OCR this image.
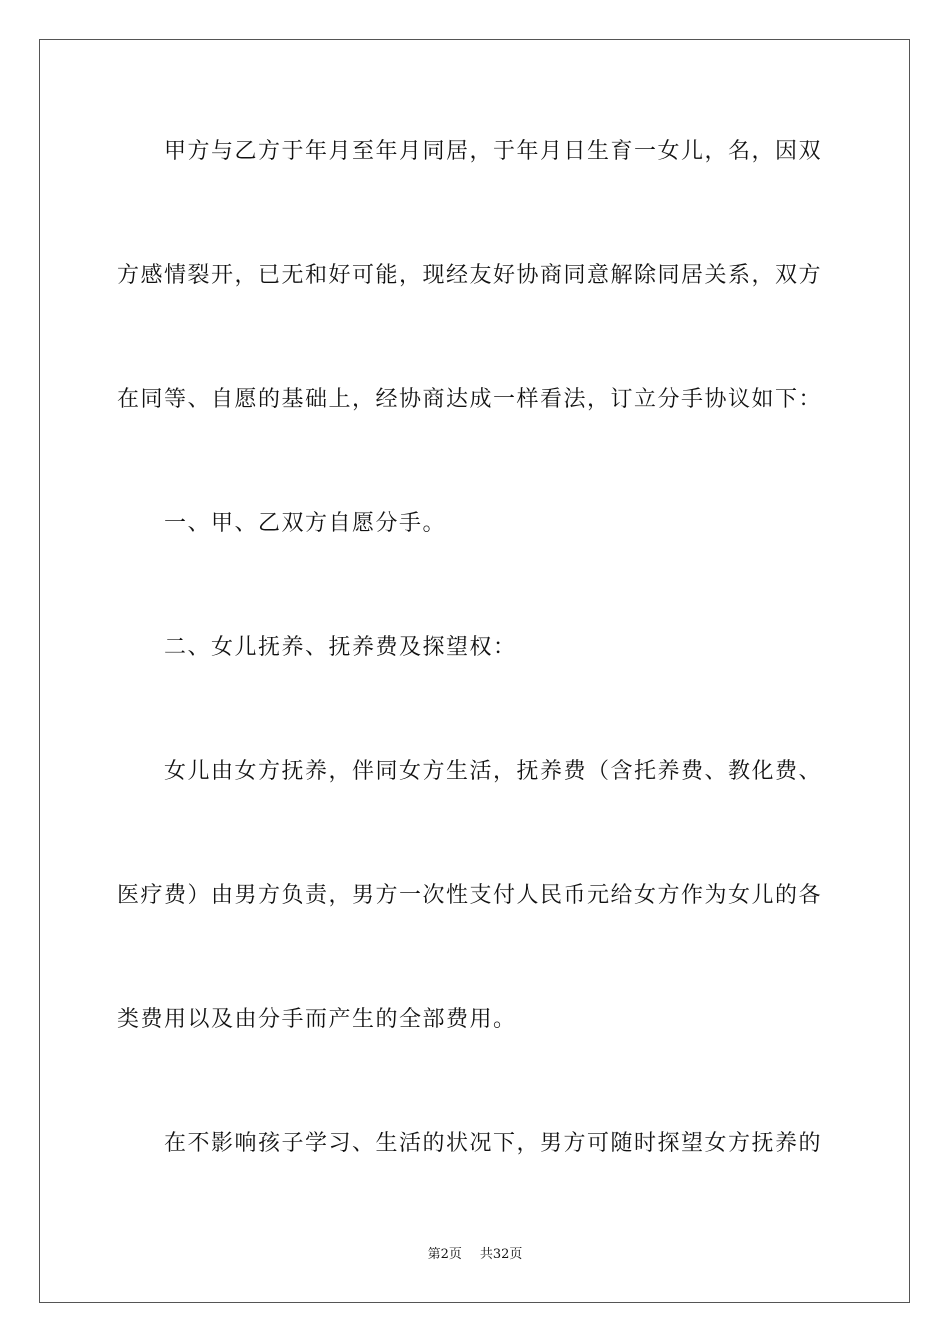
甲方与乙方于年月至年月同居，于年月日生育一女儿，名，因双
方感情裂开，已无和好可能，现经友好协商同意解除同居关系，双方
在同等、自愿的基础上，经协商达成一样看法，订立分手协议如下：
一、甲、乙双方自愿分手。
二、女儿抚养、抚养费及探望权：
女儿由女方抚养，伴同女方生活，抚养费（含托养费、教化费、
医疗费）由男方负责，男方一次性支付人民币元给女方作为女儿的各
类费用以及由分手而产生的全部费用。
在不影响孩子学习、生活的状况下，男方可随时探望女方抚养的
第2页 共32页
